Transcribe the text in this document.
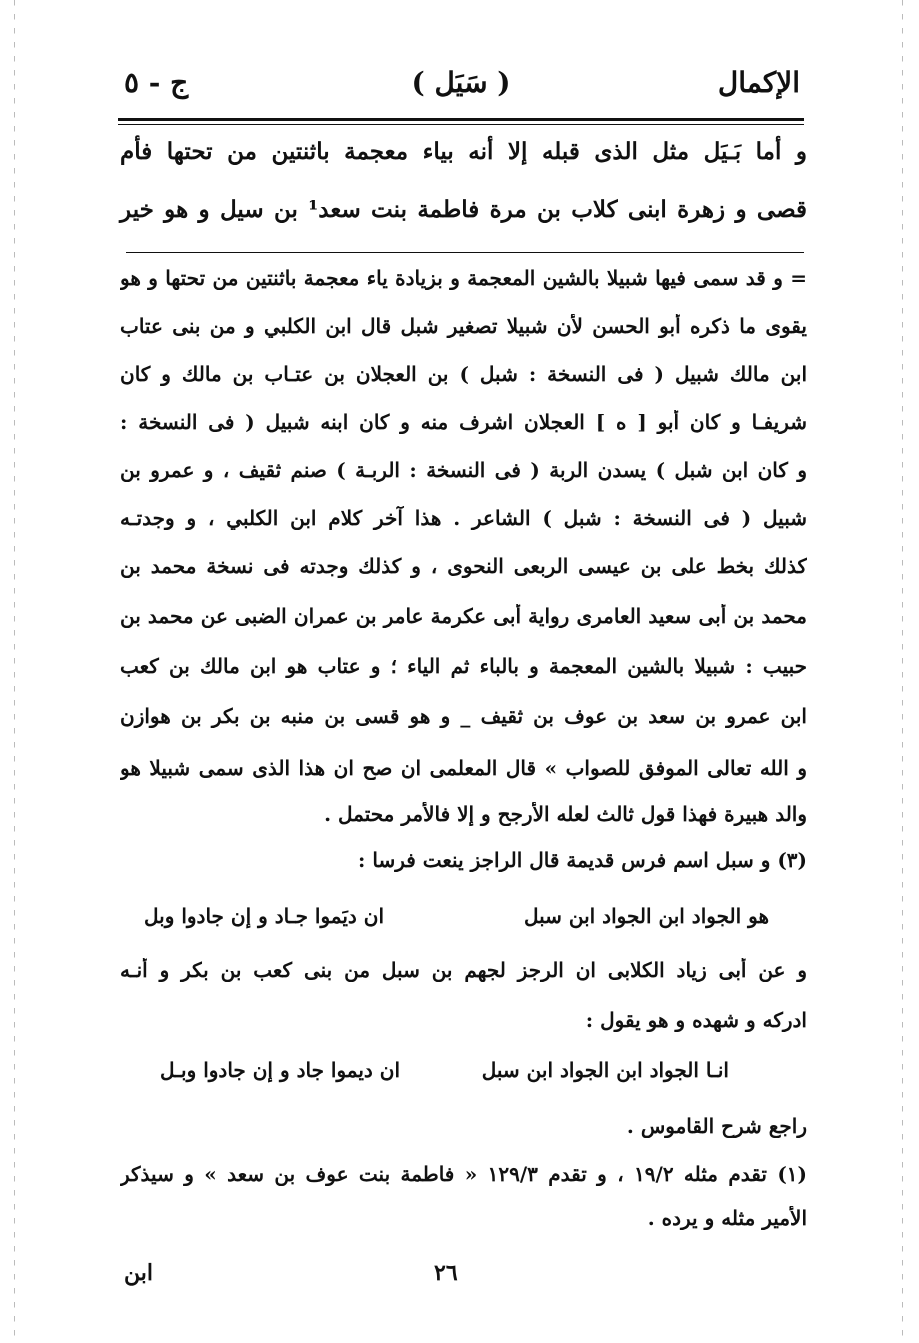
الإكمال
( سَيَل )
ج - ٥
و أما بَـيَل مثل الذى قبله إلا أنه بياء معجمة باثنتين من تحتها فأم
قصى و زهرة ابنى كلاب بن مرة فاطمة بنت سعد¹ بن سيل و هو خير
= و قد سمى فيها شبيلا بالشين المعجمة و بزيادة ياء معجمة باثنتين من تحتها و هو
يقوى ما ذكره أبو الحسن لأن شبيلا تصغير شبل قال ابن الكلبي و من بنى عتاب
ابن مالك شبيل ( فى النسخة : شبل ) بن العجلان بن عتـاب بن مالك و كان
شريفـا و كان أبو [ ه ] العجلان اشرف منه و كان ابنه شبيل ( فى النسخة :
و كان ابن شبل ) يسدن الربة ( فى النسخة : الربـة ) صنم ثقيف ، و عمرو بن
شبيل ( فى النسخة : شبل ) الشاعر . هذا آخر كلام ابن الكلبي ، و وجدتـه
كذلك بخط على بن عيسى الربعى النحوى ، و كذلك وجدته فى نسخة محمد بن
محمد بن أبى سعيد العامرى رواية أبى عكرمة عامر بن عمران الضبى عن محمد بن
حبيب : شبيلا بالشين المعجمة و بالباء ثم الياء ؛ و عتاب هو ابن مالك بن كعب
ابن عمرو بن سعد بن عوف بن ثقيف _ و هو قسى بن منبه بن بكر بن هوازن
و الله تعالى الموفق للصواب » قال المعلمى ان صح ان هذا الذى سمى شبيلا هو
والد هبيرة فهذا قول ثالث لعله الأرجح و إلا فالأمر محتمل .
(٣) و سبل اسم فرس قديمة قال الراجز ينعت فرسا :
هو الجواد ابن الجواد ابن سبل
ان ديَموا جـاد و إن جادوا وبل
و عن أبى زياد الكلابى ان الرجز لجهم بن سبل من بنى كعب بن بكر و أنـه
ادركه و شهده و هو يقول :
انـا الجواد ابن الجواد ابن سبل
ان ديموا جاد و إن جادوا وبـل
راجع شرح القاموس .
(١) تقدم مثله ١٩/٢ ، و تقدم ١٢٩/٣ « فاطمة بنت عوف بن سعد » و سيذكر
الأمير مثله و يرده .
٢٦
ابن
